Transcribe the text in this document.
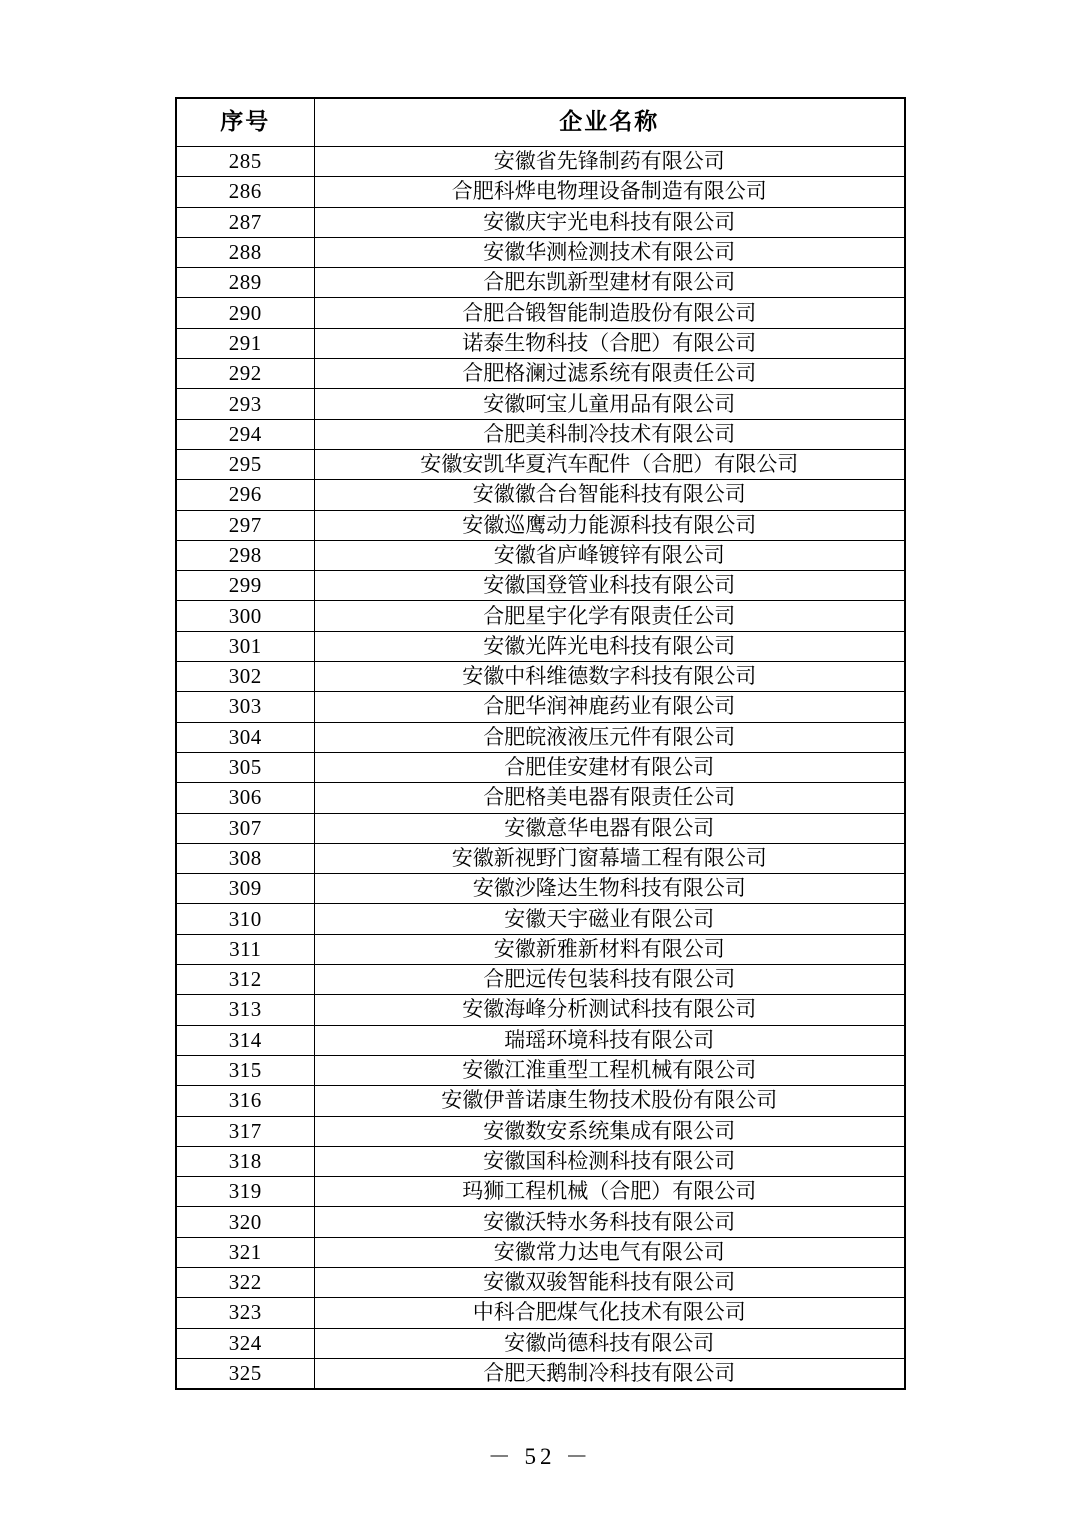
序号	企业名称
285	安徽省先锋制药有限公司
286	合肥科烨电物理设备制造有限公司
287	安徽庆宇光电科技有限公司
288	安徽华测检测技术有限公司
289	合肥东凯新型建材有限公司
290	合肥合锻智能制造股份有限公司
291	诺泰生物科技（合肥）有限公司
292	合肥格澜过滤系统有限责任公司
293	安徽呵宝儿童用品有限公司
294	合肥美科制冷技术有限公司
295	安徽安凯华夏汽车配件（合肥）有限公司
296	安徽徽合台智能科技有限公司
297	安徽巡鹰动力能源科技有限公司
298	安徽省庐峰镀锌有限公司
299	安徽国登管业科技有限公司
300	合肥星宇化学有限责任公司
301	安徽光阵光电科技有限公司
302	安徽中科维德数字科技有限公司
303	合肥华润神鹿药业有限公司
304	合肥皖液液压元件有限公司
305	合肥佳安建材有限公司
306	合肥格美电器有限责任公司
307	安徽意华电器有限公司
308	安徽新视野门窗幕墙工程有限公司
309	安徽沙隆达生物科技有限公司
310	安徽天宇磁业有限公司
311	安徽新雅新材料有限公司
312	合肥远传包装科技有限公司
313	安徽海峰分析测试科技有限公司
314	瑞瑶环境科技有限公司
315	安徽江淮重型工程机械有限公司
316	安徽伊普诺康生物技术股份有限公司
317	安徽数安系统集成有限公司
318	安徽国科检测科技有限公司
319	玛狮工程机械（合肥）有限公司
320	安徽沃特水务科技有限公司
321	安徽常力达电气有限公司
322	安徽双骏智能科技有限公司
323	中科合肥煤气化技术有限公司
324	安徽尚德科技有限公司
325	合肥天鹅制冷科技有限公司
－ 52 －
